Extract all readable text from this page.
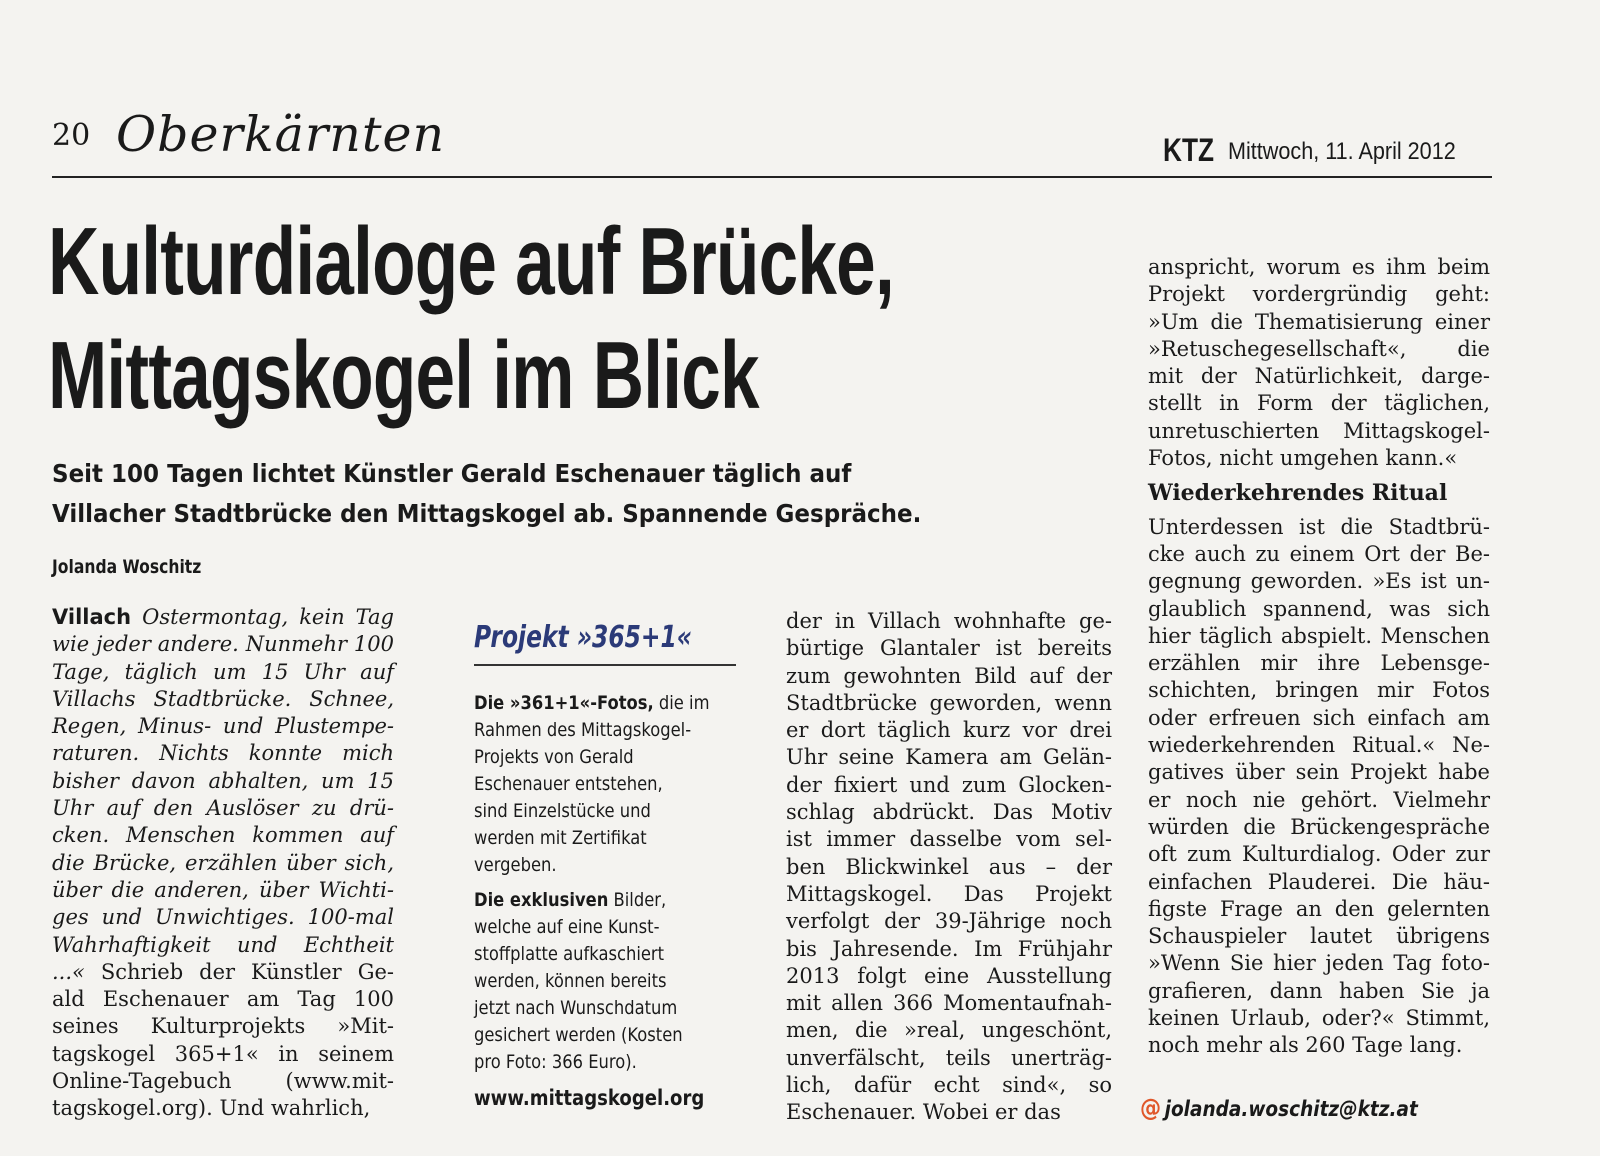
20 Oberkärnten	KTZ Mittwoch, 11. April 2012
Kulturdialoge auf Brücke,
Mittagskogel im Blick
Seit 100 Tagen lichtet Künstler Gerald Eschenauer täglich auf
Villacher Stadtbrücke den Mittagskogel ab. Spannende Gespräche.
Jolanda Woschitz
Villach Ostermontag, kein Tag
wie jeder andere. Nunmehr 100
Tage, täglich um 15 Uhr auf
Villachs Stadtbrücke. Schnee,
Regen, Minus- und Plustempe-
raturen. Nichts konnte mich
bisher davon abhalten, um 15
Uhr auf den Auslöser zu drü-
cken. Menschen kommen auf
die Brücke, erzählen über sich,
über die anderen, über Wichti-
ges und Unwichtiges. 100-mal
Wahrhaftigkeit und Echtheit
...« Schrieb der Künstler Ge-
ald Eschenauer am Tag 100
seines Kulturprojekts »Mit-
tagskogel 365+1« in seinem
Online-Tagebuch (www.mit-
tagskogel.org). Und wahrlich,
Projekt »365+1«
Die »361+1«-Fotos, die im
Rahmen des Mittagskogel-
Projekts von Gerald
Eschenauer entstehen,
sind Einzelstücke und
werden mit Zertifikat
vergeben.
Die exklusiven Bilder,
welche auf eine Kunst-
stoffplatte aufkaschiert
werden, können bereits
jetzt nach Wunschdatum
gesichert werden (Kosten
pro Foto: 366 Euro).
www.mittagskogel.org
der in Villach wohnhafte ge-
bürtige Glantaler ist bereits
zum gewohnten Bild auf der
Stadtbrücke geworden, wenn
er dort täglich kurz vor drei
Uhr seine Kamera am Gelän-
der fixiert und zum Glocken-
schlag abdrückt. Das Motiv
ist immer dasselbe vom sel-
ben Blickwinkel aus – der
Mittagskogel. Das Projekt
verfolgt der 39-Jährige noch
bis Jahresende. Im Frühjahr
2013 folgt eine Ausstellung
mit allen 366 Momentaufnah-
men, die »real, ungeschönt,
unverfälscht, teils unerträg-
lich, dafür echt sind«, so
Eschenauer. Wobei er das
anspricht, worum es ihm beim
Projekt vordergründig geht:
»Um die Thematisierung einer
»Retuschegesellschaft«, die
mit der Natürlichkeit, darge-
stellt in Form der täglichen,
unretuschierten Mittagskogel-
Fotos, nicht umgehen kann.«
Wiederkehrendes Ritual
Unterdessen ist die Stadtbrü-
cke auch zu einem Ort der Be-
gegnung geworden. »Es ist un-
glaublich spannend, was sich
hier täglich abspielt. Menschen
erzählen mir ihre Lebensge-
schichten, bringen mir Fotos
oder erfreuen sich einfach am
wiederkehrenden Ritual.« Ne-
gatives über sein Projekt habe
er noch nie gehört. Vielmehr
würden die Brückengespräche
oft zum Kulturdialog. Oder zur
einfachen Plauderei. Die häu-
figste Frage an den gelernten
Schauspieler lautet übrigens
»Wenn Sie hier jeden Tag foto-
grafieren, dann haben Sie ja
keinen Urlaub, oder?« Stimmt,
noch mehr als 260 Tage lang.
@ jolanda.woschitz@ktz.at
